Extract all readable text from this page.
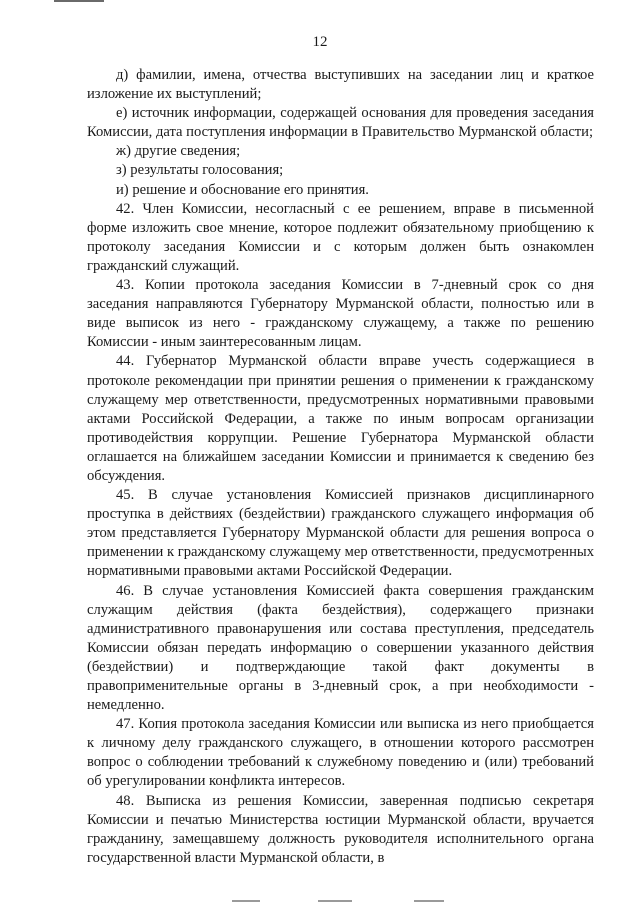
12

д) фамилии, имена, отчества выступивших на заседании лиц и краткое изложение их выступлений;

е) источник информации, содержащей основания для проведения заседания Комиссии, дата поступления информации в Правительство Мурманской области;

ж) другие сведения;

з) результаты голосования;

и) решение и обоснование его принятия.

42. Член Комиссии, несогласный с ее решением, вправе в письменной форме изложить свое мнение, которое подлежит обязательному приобщению к протоколу заседания Комиссии и с которым должен быть ознакомлен гражданский служащий.

43. Копии протокола заседания Комиссии в 7-дневный срок со дня заседания направляются Губернатору Мурманской области, полностью или в виде выписок из него - гражданскому служащему, а также по решению Комиссии - иным заинтересованным лицам.

44. Губернатор Мурманской области вправе учесть содержащиеся в протоколе рекомендации при принятии решения о применении к гражданскому служащему мер ответственности, предусмотренных нормативными правовыми актами Российской Федерации, а также по иным вопросам организации противодействия коррупции. Решение Губернатора Мурманской области оглашается на ближайшем заседании Комиссии и принимается к сведению без обсуждения.

45. В случае установления Комиссией признаков дисциплинарного проступка в действиях (бездействии) гражданского служащего информация об этом представляется Губернатору Мурманской области для решения вопроса о применении к гражданскому служащему мер ответственности, предусмотренных нормативными правовыми актами Российской Федерации.

46. В случае установления Комиссией факта совершения гражданским служащим действия (факта бездействия), содержащего признаки административного правонарушения или состава преступления, председатель Комиссии обязан передать информацию о совершении указанного действия (бездействии) и подтверждающие такой факт документы в правоприменительные органы в 3-дневный срок, а при необходимости - немедленно.

47. Копия протокола заседания Комиссии или выписка из него приобщается к личному делу гражданского служащего, в отношении которого рассмотрен вопрос о соблюдении требований к служебному поведению и (или) требований об урегулировании конфликта интересов.

48. Выписка из решения Комиссии, заверенная подписью секретаря Комиссии и печатью Министерства юстиции Мурманской области, вручается гражданину, замещавшему должность руководителя исполнительного органа государственной власти Мурманской области, в
